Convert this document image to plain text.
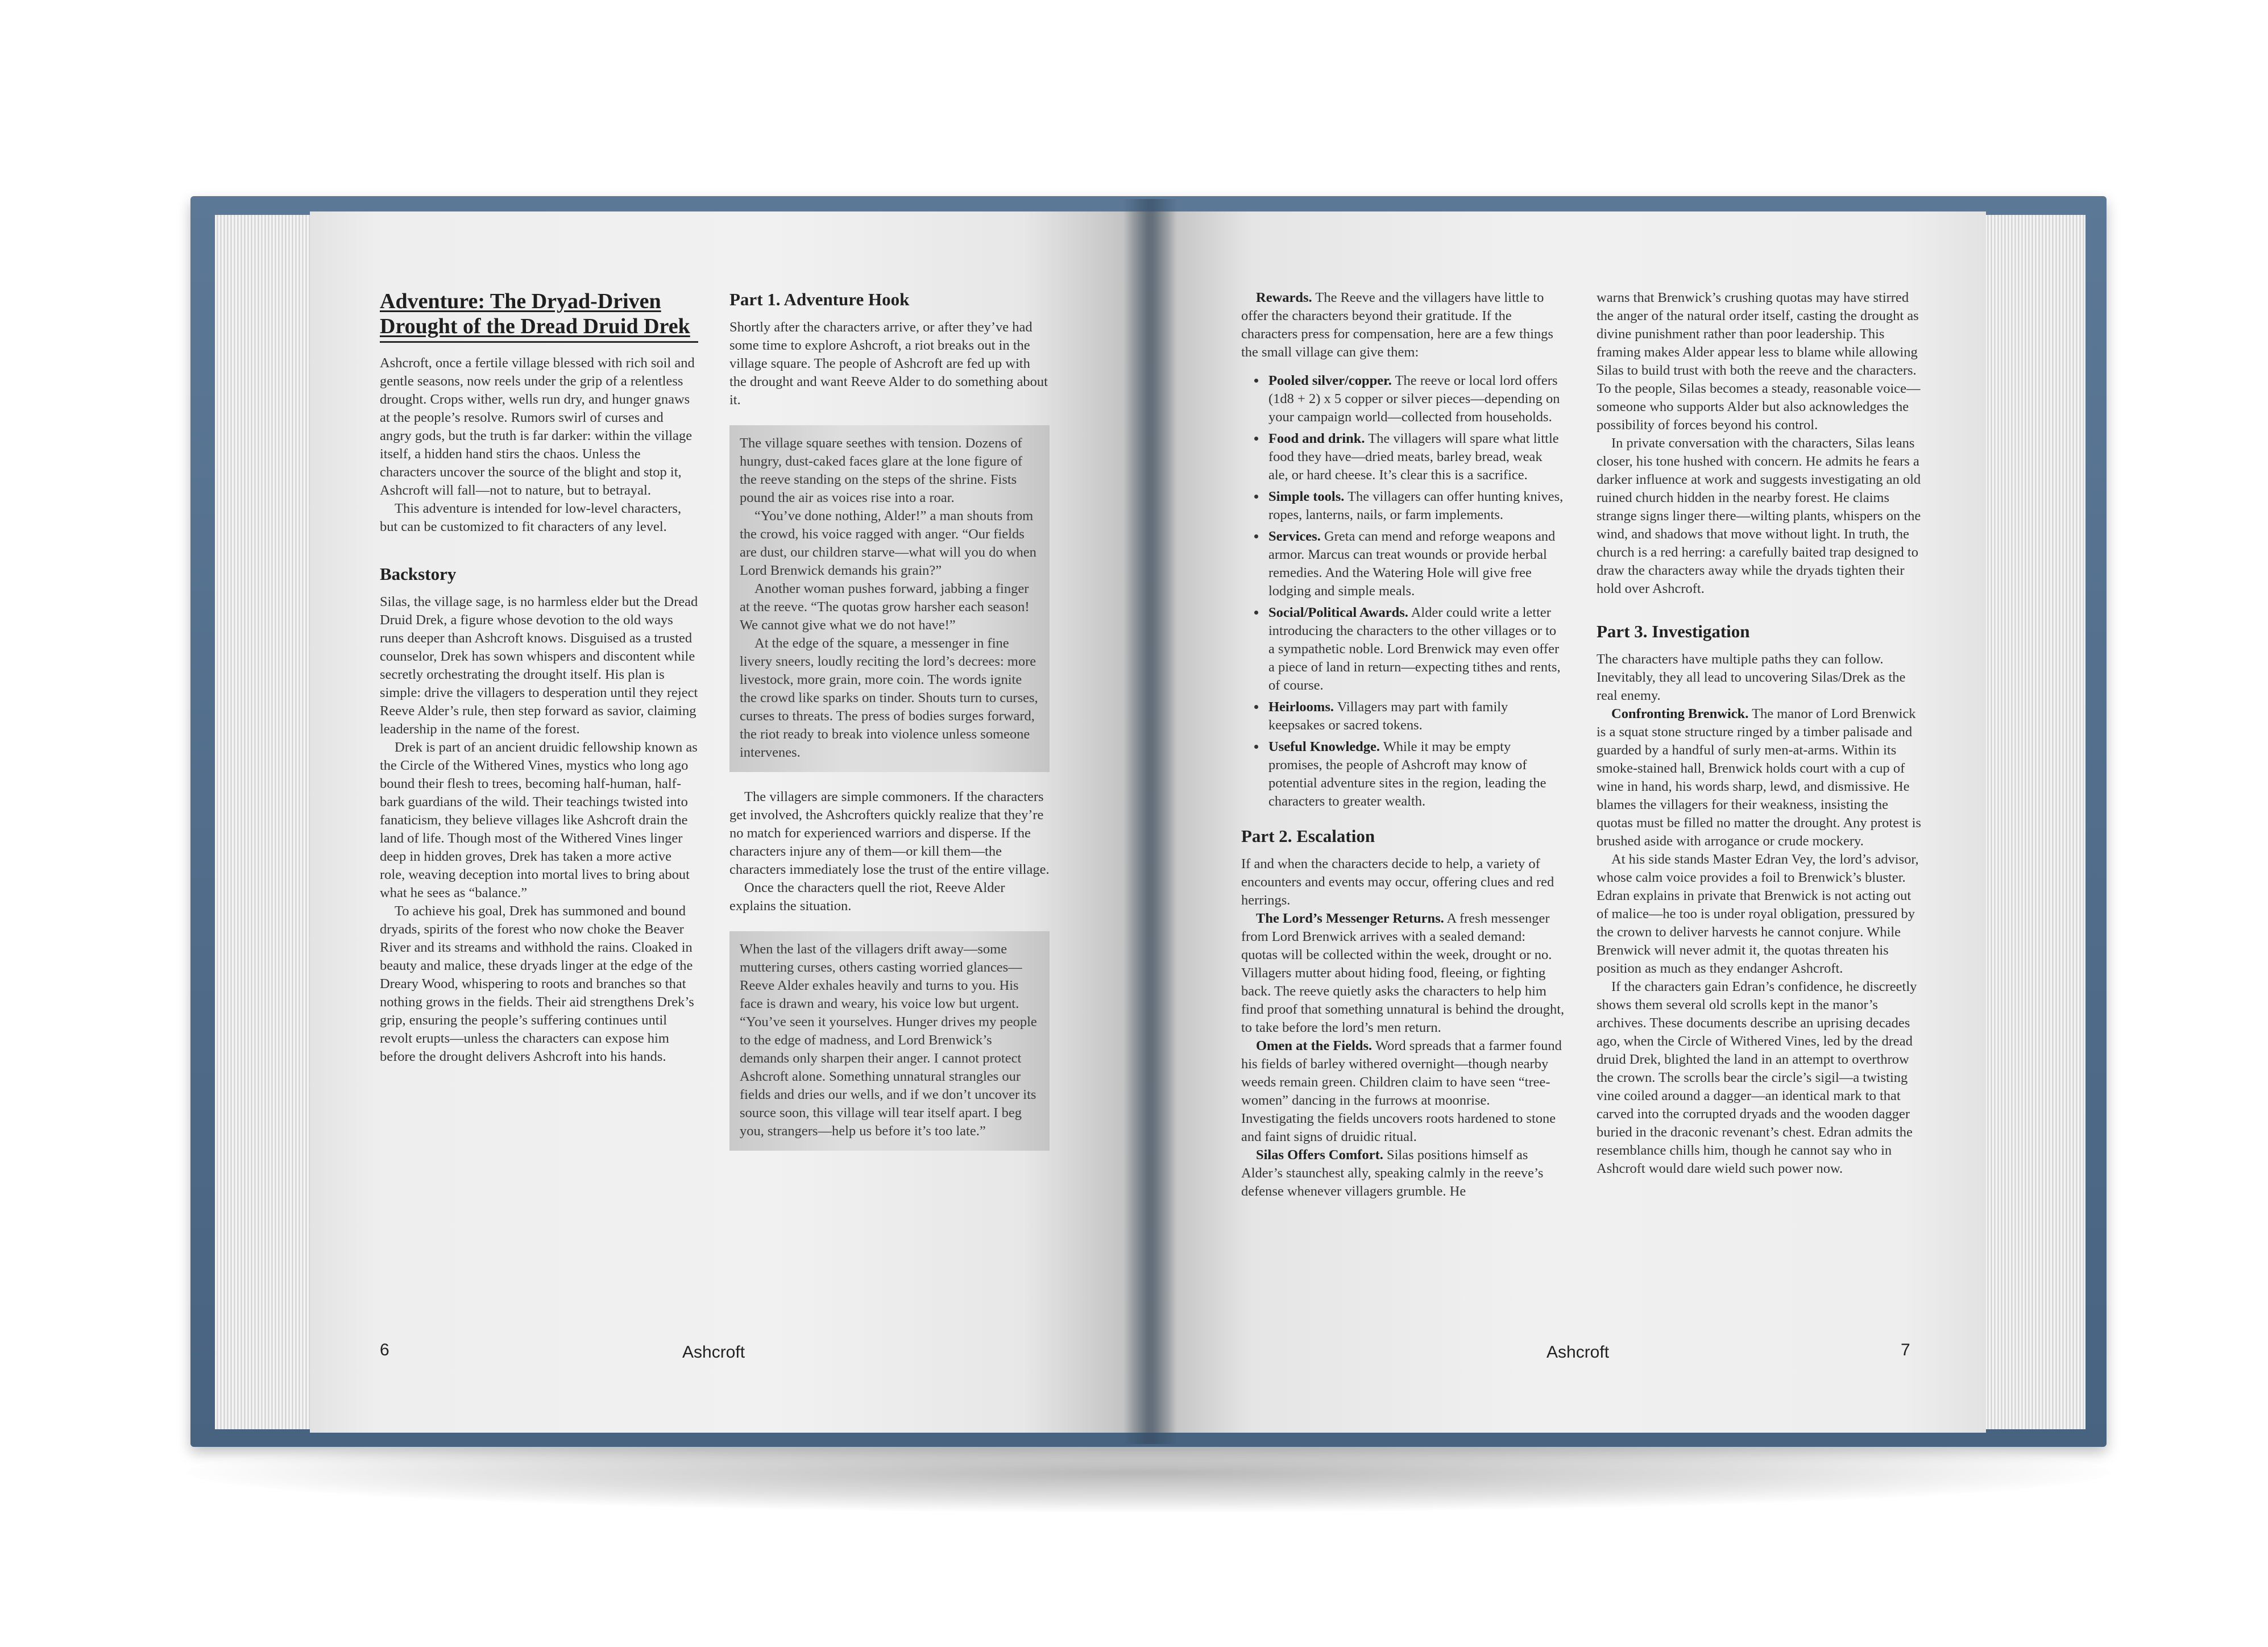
Adventure: The Dryad-Driven Drought of the Dread Druid Drek

Ashcroft, once a fertile village blessed with rich soil and gentle seasons, now reels under the grip of a relentless drought. Crops wither, wells run dry, and hunger gnaws at the people’s resolve. Rumors swirl of curses and angry gods, but the truth is far darker: within the village itself, a hidden hand stirs the chaos. Unless the characters uncover the source of the blight and stop it, Ashcroft will fall—not to nature, but to betrayal.

This adventure is intended for low-level characters, but can be customized to fit characters of any level.

Backstory

Silas, the village sage, is no harmless elder but the Dread Druid Drek, a figure whose devotion to the old ways runs deeper than Ashcroft knows. Disguised as a trusted counselor, Drek has sown whispers and discontent while secretly orchestrating the drought itself. His plan is simple: drive the villagers to desperation until they reject Reeve Alder’s rule, then step forward as savior, claiming leadership in the name of the forest.

Drek is part of an ancient druidic fellowship known as the Circle of the Withered Vines, mystics who long ago bound their flesh to trees, becoming half-human, half-bark guardians of the wild. Their teachings twisted into fanaticism, they believe villages like Ashcroft drain the land of life. Though most of the Withered Vines linger deep in hidden groves, Drek has taken a more active role, weaving deception into mortal lives to bring about what he sees as “balance.”

To achieve his goal, Drek has summoned and bound dryads, spirits of the forest who now choke the Beaver River and its streams and withhold the rains. Cloaked in beauty and malice, these dryads linger at the edge of the Dreary Wood, whispering to roots and branches so that nothing grows in the fields. Their aid strengthens Drek’s grip, ensuring the people’s suffering continues until revolt erupts—unless the characters can expose him before the drought delivers Ashcroft into his hands.

Part 1. Adventure Hook

Shortly after the characters arrive, or after they’ve had some time to explore Ashcroft, a riot breaks out in the village square. The people of Ashcroft are fed up with the drought and want Reeve Alder to do something about it.

The village square seethes with tension. Dozens of hungry, dust-caked faces glare at the lone figure of the reeve standing on the steps of the shrine. Fists pound the air as voices rise into a roar.

“You’ve done nothing, Alder!” a man shouts from the crowd, his voice ragged with anger. “Our fields are dust, our children starve—what will you do when Lord Brenwick demands his grain?”

Another woman pushes forward, jabbing a finger at the reeve. “The quotas grow harsher each season! We cannot give what we do not have!”

At the edge of the square, a messenger in fine livery sneers, loudly reciting the lord’s decrees: more livestock, more grain, more coin. The words ignite the crowd like sparks on tinder. Shouts turn to curses, curses to threats. The press of bodies surges forward, the riot ready to break into violence unless someone intervenes.

The villagers are simple commoners. If the characters get involved, the Ashcrofters quickly realize that they’re no match for experienced warriors and disperse. If the characters injure any of them—or kill them—the characters immediately lose the trust of the entire village.

Once the characters quell the riot, Reeve Alder explains the situation.

When the last of the villagers drift away—some muttering curses, others casting worried glances—Reeve Alder exhales heavily and turns to you. His face is drawn and weary, his voice low but urgent. “You’ve seen it yourselves. Hunger drives my people to the edge of madness, and Lord Brenwick’s demands only sharpen their anger. I cannot protect Ashcroft alone. Something unnatural strangles our fields and dries our wells, and if we don’t uncover its source soon, this village will tear itself apart. I beg you, strangers—help us before it’s too late.”

6	Ashcroft

Rewards. The Reeve and the villagers have little to offer the characters beyond their gratitude. If the characters press for compensation, here are a few things the small village can give them:

• Pooled silver/copper. The reeve or local lord offers (1d8 + 2) x 5 copper or silver pieces—depending on your campaign world—collected from households.
• Food and drink. The villagers will spare what little food they have—dried meats, barley bread, weak ale, or hard cheese. It’s clear this is a sacrifice.
• Simple tools. The villagers can offer hunting knives, ropes, lanterns, nails, or farm implements.
• Services. Greta can mend and reforge weapons and armor. Marcus can treat wounds or provide herbal remedies. And the Watering Hole will give free lodging and simple meals.
• Social/Political Awards. Alder could write a letter introducing the characters to the other villages or to a sympathetic noble. Lord Brenwick may even offer a piece of land in return—expecting tithes and rents, of course.
• Heirlooms. Villagers may part with family keepsakes or sacred tokens.
• Useful Knowledge. While it may be empty promises, the people of Ashcroft may know of potential adventure sites in the region, leading the characters to greater wealth.
Part 2. Escalation

If and when the characters decide to help, a variety of encounters and events may occur, offering clues and red herrings.

The Lord’s Messenger Returns. A fresh messenger from Lord Brenwick arrives with a sealed demand: quotas will be collected within the week, drought or no. Villagers mutter about hiding food, fleeing, or fighting back. The reeve quietly asks the characters to help him find proof that something unnatural is behind the drought, to take before the lord’s men return.

Omen at the Fields. Word spreads that a farmer found his fields of barley withered overnight—though nearby weeds remain green. Children claim to have seen “tree-women” dancing in the furrows at moonrise. Investigating the fields uncovers roots hardened to stone and faint signs of druidic ritual.

Silas Offers Comfort. Silas positions himself as Alder’s staunchest ally, speaking calmly in the reeve’s defense whenever villagers grumble. He

warns that Brenwick’s crushing quotas may have stirred the anger of the natural order itself, casting the drought as divine punishment rather than poor leadership. This framing makes Alder appear less to blame while allowing Silas to build trust with both the reeve and the characters. To the people, Silas becomes a steady, reasonable voice—someone who supports Alder but also acknowledges the possibility of forces beyond his control.

In private conversation with the characters, Silas leans closer, his tone hushed with concern. He admits he fears a darker influence at work and suggests investigating an old ruined church hidden in the nearby forest. He claims strange signs linger there—wilting plants, whispers on the wind, and shadows that move without light. In truth, the church is a red herring: a carefully baited trap designed to draw the characters away while the dryads tighten their hold over Ashcroft.

Part 3. Investigation

The characters have multiple paths they can follow. Inevitably, they all lead to uncovering Silas/Drek as the real enemy.

Confronting Brenwick. The manor of Lord Brenwick is a squat stone structure ringed by a timber palisade and guarded by a handful of surly men-at-arms. Within its smoke-stained hall, Brenwick holds court with a cup of wine in hand, his words sharp, lewd, and dismissive. He blames the villagers for their weakness, insisting the quotas must be filled no matter the drought. Any protest is brushed aside with arrogance or crude mockery.

At his side stands Master Edran Vey, the lord’s advisor, whose calm voice provides a foil to Brenwick’s bluster. Edran explains in private that Brenwick is not acting out of malice—he too is under royal obligation, pressured by the crown to deliver harvests he cannot conjure. While Brenwick will never admit it, the quotas threaten his position as much as they endanger Ashcroft.

If the characters gain Edran’s confidence, he discreetly shows them several old scrolls kept in the manor’s archives. These documents describe an uprising decades ago, when the Circle of Withered Vines, led by the dread druid Drek, blighted the land in an attempt to overthrow the crown. The scrolls bear the circle’s sigil—a twisting vine coiled around a dagger—an identical mark to that carved into the corrupted dryads and the wooden dagger buried in the draconic revenant’s chest. Edran admits the resemblance chills him, though he cannot say who in Ashcroft would dare wield such power now.

Ashcroft	7
